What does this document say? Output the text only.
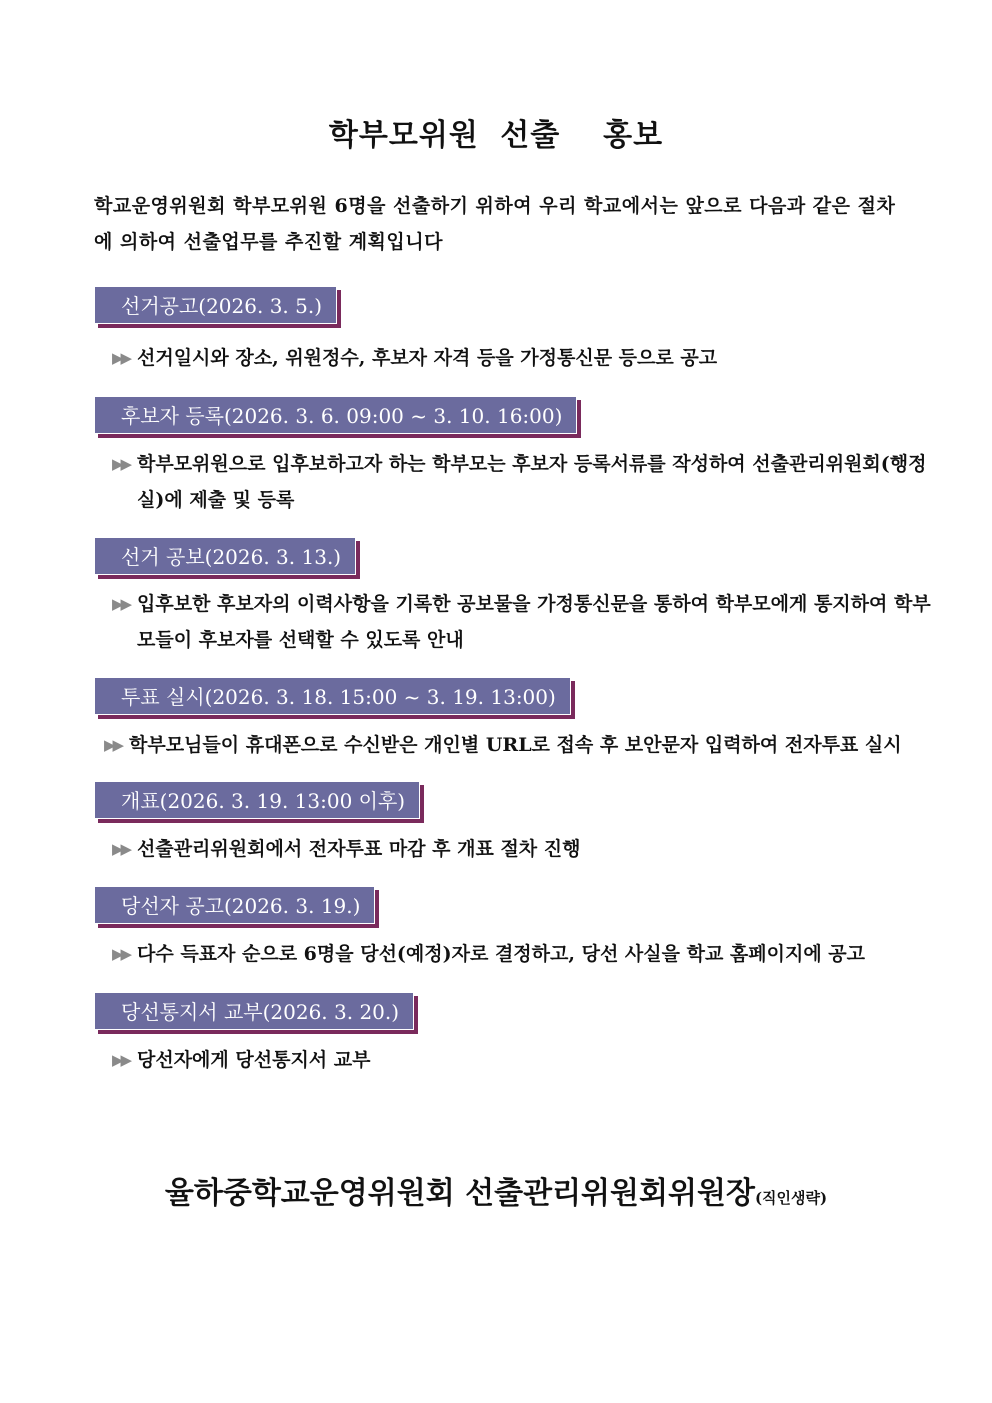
학부모위원 선출  홍보
학교운영위원회 학부모위원 6명을 선출하기 위하여 우리 학교에서는 앞으로 다음과 같은 절차 에 의하여 선출업무를 추진할 계획입니다
선거공고(2026. 3. 5.)
▶▶ 선거일시와 장소, 위원정수, 후보자 자격 등을 가정통신문 등으로 공고
후보자 등록(2026. 3. 6. 09:00 ~ 3. 10. 16:00)
▶▶ 학부모위원으로 입후보하고자 하는 학부모는 후보자 등록서류를 작성하여 선출관리위원회(행정실)에 제출 및 등록
선거 공보(2026. 3. 13.)
▶▶ 입후보한 후보자의 이력사항을 기록한 공보물을 가정통신문을 통하여 학부모에게 통지하여 학부모들이 후보자를 선택할 수 있도록 안내
투표 실시(2026. 3. 18. 15:00 ~ 3. 19. 13:00)
▶▶ 학부모님들이 휴대폰으로 수신받은 개인별 URL로 접속 후 보안문자 입력하여 전자투표 실시
개표(2026. 3. 19. 13:00 이후)
▶▶ 선출관리위원회에서 전자투표 마감 후 개표 절차 진행
당선자 공고(2026. 3. 19.)
▶▶ 다수 득표자 순으로 6명을 당선(예정)자로 결정하고, 당선 사실을 학교 홈페이지에 공고
당선통지서 교부(2026. 3. 20.)
▶▶ 당선자에게 당선통지서 교부
율하중학교운영위원회 선출관리위원회위원장(직인생략)
